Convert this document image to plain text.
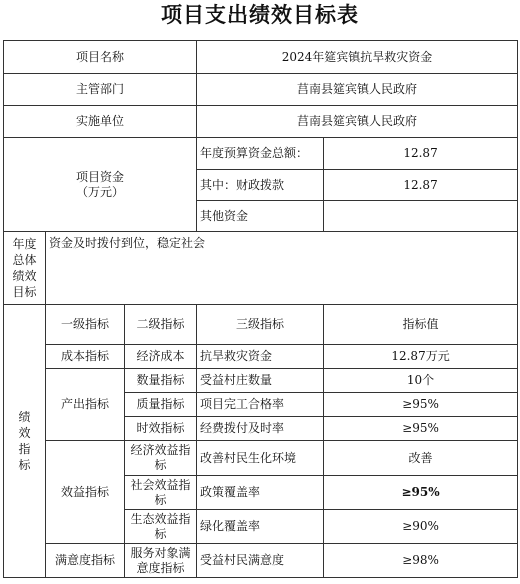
项目支出绩效目标表
项目名称			2024年筵宾镇抗旱救灾资金	
主管部门			莒南县筵宾镇人民政府	
实施单位			莒南县筵宾镇人民政府	
项目资金
（万元）			年度预算资金总额：	12.87
			其中：财政拨款	12.87
			其他资金	
年度
总体
绩效
目标	资金及时拨付到位，稳定社会			
绩
效
指
标	一级指标	二级指标	三级指标	指标值
	成本指标	经济成本	抗旱救灾资金	12.87万元
	产出指标	数量指标	受益村庄数量	10个
		质量指标	项目完工合格率	≥95%
		时效指标	经费拨付及时率	≥95%
	效益指标	经济效益指标	改善村民生化环境	改善
		社会效益指标	政策覆盖率	≥95%
		生态效益指标	绿化覆盖率	≥90%
	满意度指标	服务对象满意度指标	受益村民满意度	≥98%
